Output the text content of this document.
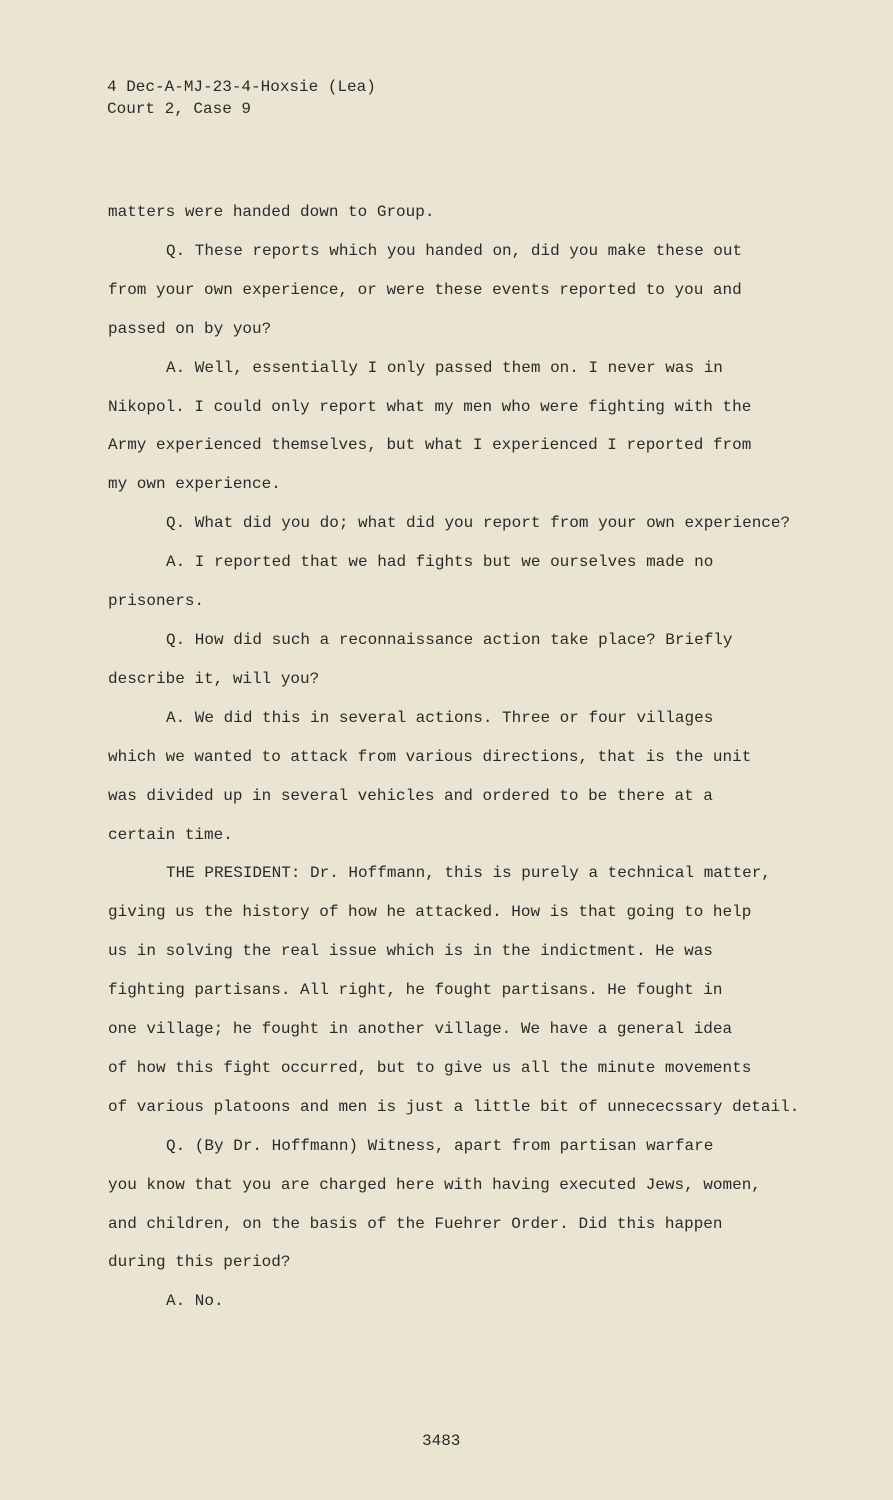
4 Dec-A-MJ-23-4-Hoxsie (Lea)
Court 2, Case 9

matters were handed down to Group.

Q. These reports which you handed on, did you make these out

from your own experience, or were these events reported to you and

passed on by you?

A. Well, essentially I only passed them on. I never was in

Nikopol. I could only report what my men who were fighting with the

Army experienced themselves, but what I experienced I reported from

my own experience.

Q. What did you do; what did you report from your own experience?

A. I reported that we had fights but we ourselves made no

prisoners.

Q. How did such a reconnaissance action take place? Briefly

describe it, will you?

A. We did this in several actions. Three or four villages

which we wanted to attack from various directions, that is the unit

was divided up in several vehicles and ordered to be there at a

certain time.

THE PRESIDENT: Dr. Hoffmann, this is purely a technical matter,

giving us the history of how he attacked. How is that going to help

us in solving the real issue which is in the indictment. He was

fighting partisans. All right, he fought partisans. He fought in

one village; he fought in another village. We have a general idea

of how this fight occurred, but to give us all the minute movements

of various platoons and men is just a little bit of unnececssary detail.

Q. (By Dr. Hoffmann) Witness, apart from partisan warfare

you know that you are charged here with having executed Jews, women,

and children, on the basis of the Fuehrer Order. Did this happen

during this period?

A. No.

3483
